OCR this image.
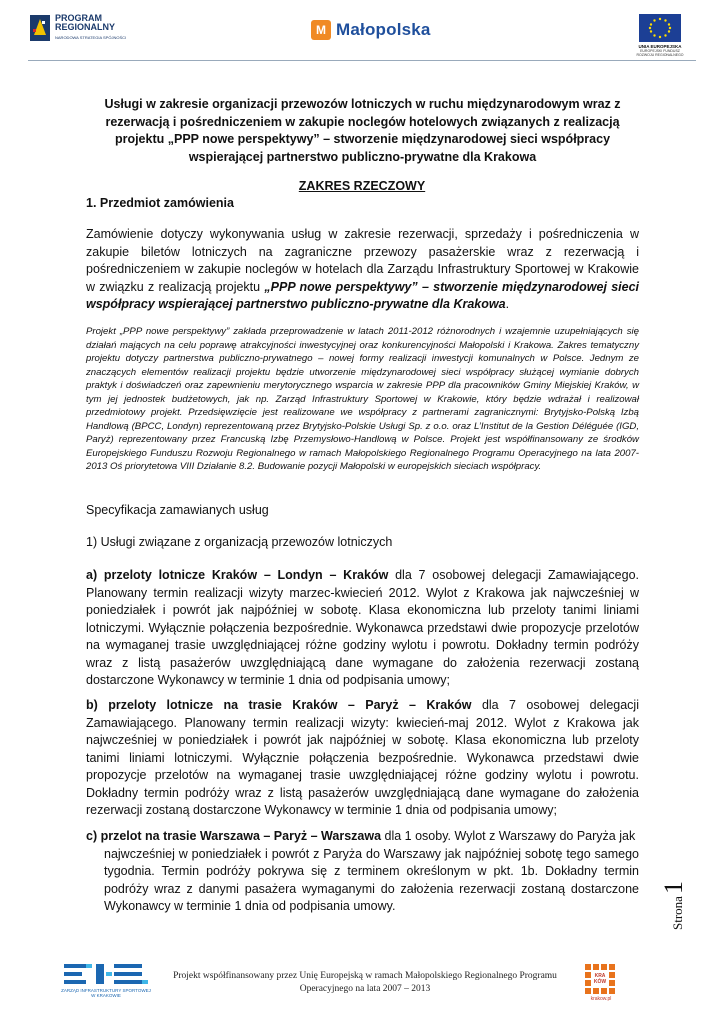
PROGRAM
REGIONALNY
NARODOWA STRATEGIA SPÓJNOŚCI
M Małopolska
UNIA EUROPEJSKA
EUROPEJSKI FUNDUSZ
ROZWOJU REGIONALNEGO
Usługi w zakresie organizacji przewozów lotniczych w ruchu międzynarodowym wraz z rezerwacją i pośredniczeniem w zakupie noclegów hotelowych związanych z realizacją projektu „PPP nowe perspektywy” – stworzenie międzynarodowej sieci współpracy wspierającej partnerstwo publiczno-prywatne dla Krakowa
ZAKRES RZECZOWY
1. Przedmiot zamówienia
Zamówienie dotyczy wykonywania usług w zakresie rezerwacji, sprzedaży i pośredniczenia w zakupie biletów lotniczych na zagraniczne przewozy pasażerskie wraz z rezerwacją i pośredniczeniem w zakupie noclegów w hotelach dla Zarządu Infrastruktury Sportowej w Krakowie w związku z realizacją projektu „PPP nowe perspektywy” – stworzenie międzynarodowej sieci współpracy wspierającej partnerstwo publiczno-prywatne dla Krakowa.
Projekt „PPP nowe perspektywy” zakłada przeprowadzenie w latach 2011-2012 różnorodnych i wzajemnie uzupełniających się działań mających na celu poprawę atrakcyjności inwestycyjnej oraz konkurencyjności Małopolski i Krakowa. Zakres tematyczny projektu dotyczy partnerstwa publiczno-prywatnego – nowej formy realizacji inwestycji komunalnych w Polsce. Jednym ze znaczących elementów realizacji projektu będzie utworzenie międzynarodowej sieci współpracy służącej wymianie dobrych praktyk i doświadczeń oraz zapewnieniu merytorycznego wsparcia w zakresie PPP dla pracowników Gminy Miejskiej Kraków, w tym jej jednostek budżetowych, jak np. Zarząd Infrastruktury Sportowej w Krakowie, który będzie wdrażał i realizował przedmiotowy projekt. Przedsięwzięcie jest realizowane we współpracy z partnerami zagranicznymi: Brytyjsko-Polską Izbą Handlową (BPCC, Londyn) reprezentowaną przez Brytyjsko-Polskie Usługi Sp. z o.o. oraz L’Institut de la Gestion Déléguée (IGD, Paryż) reprezentowany przez Francuską Izbę Przemysłowo-Handlową w Polsce. Projekt jest współfinansowany ze środków Europejskiego Funduszu Rozwoju Regionalnego w ramach Małopolskiego Regionalnego Programu Operacyjnego na lata 2007-2013 Oś priorytetowa VIII Działanie 8.2. Budowanie pozycji Małopolski w europejskich sieciach współpracy.
Specyfikacja zamawianych usług
1) Usługi związane z organizacją przewozów lotniczych
a) przeloty lotnicze Kraków – Londyn – Kraków dla 7 osobowej delegacji Zamawiającego. Planowany termin realizacji wizyty marzec-kwiecień 2012. Wylot z Krakowa jak najwcześniej w poniedziałek i powrót jak najpóźniej w sobotę. Klasa ekonomiczna lub przeloty tanimi liniami lotniczymi. Wyłącznie połączenia bezpośrednie. Wykonawca przedstawi dwie propozycje przelotów na wymaganej trasie uwzględniającej różne godziny wylotu i powrotu. Dokładny termin podróży wraz z listą pasażerów uwzględniającą dane wymagane do założenia rezerwacji zostaną dostarczone Wykonawcy w terminie 1 dnia od podpisania umowy;
b) przeloty lotnicze na trasie Kraków – Paryż – Kraków dla 7 osobowej delegacji Zamawiającego. Planowany termin realizacji wizyty: kwiecień-maj 2012. Wylot z Krakowa jak najwcześniej w poniedziałek i powrót jak najpóźniej w sobotę. Klasa ekonomiczna lub przeloty tanimi liniami lotniczymi. Wyłącznie połączenia bezpośrednie. Wykonawca przedstawi dwie propozycje przelotów na wymaganej trasie uwzględniającej różne godziny wylotu i powrotu. Dokładny termin podróży wraz z listą pasażerów uwzględniającą dane wymagane do założenia rezerwacji zostaną dostarczone Wykonawcy w terminie 1 dnia od podpisania umowy;
c) przelot na trasie Warszawa – Paryż – Warszawa dla 1 osoby. Wylot z Warszawy do Paryża jak
najwcześniej w poniedziałek i powrót z Paryża do Warszawy jak najpóźniej sobotę tego samego tygodnia. Termin podróży pokrywa się z terminem określonym w pkt. 1b. Dokładny termin podróży wraz z danymi pasażera wymaganymi do założenia rezerwacji zostaną dostarczone Wykonawcy w terminie 1 dnia od podpisania umowy.	Strona
1
ZARZĄD INFRASTRUKTURY SPORTOWEJ W KRAKOWIE
Projekt współfinansowany przez Unię Europejską w ramach Małopolskiego Regionalnego Programu
Operacyjnego na lata 2007 – 2013
KRA KÓW
krakow.pl
